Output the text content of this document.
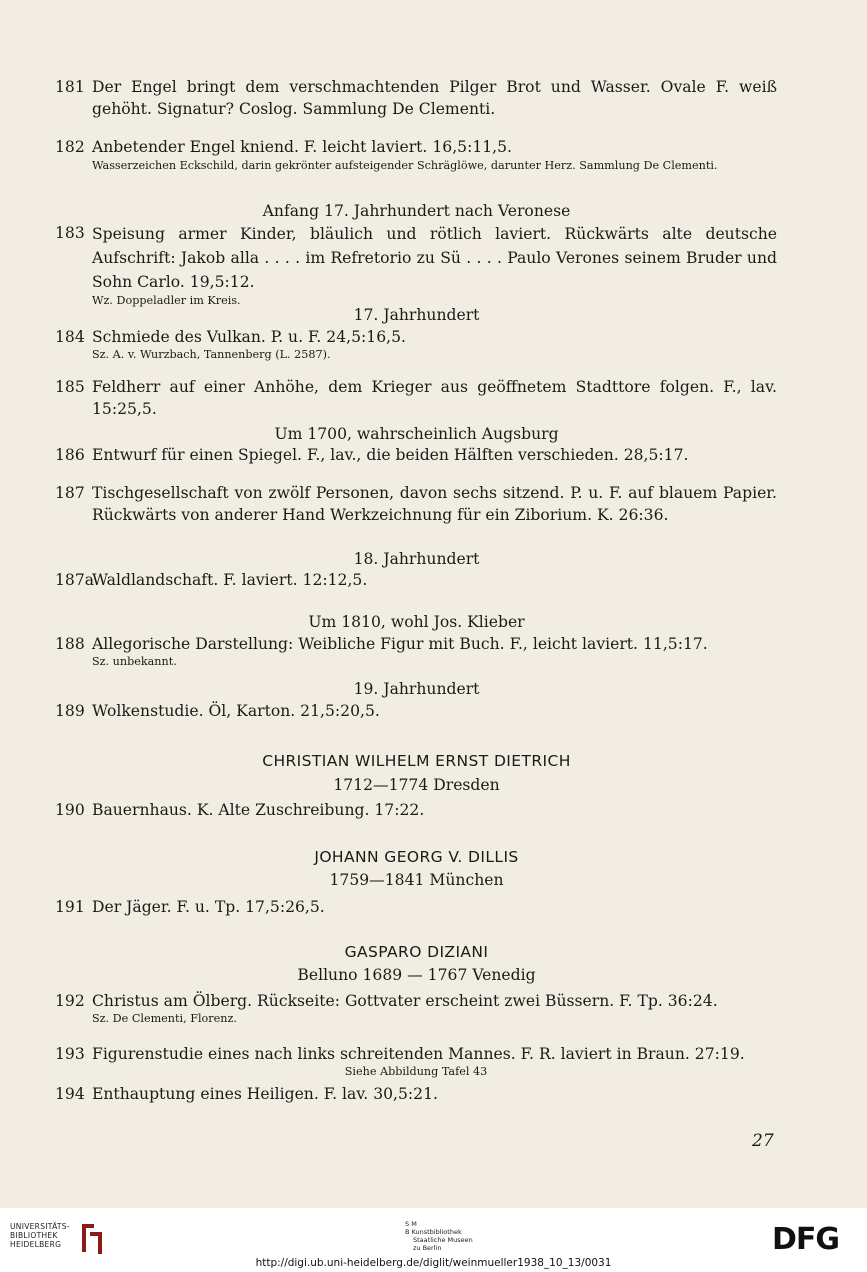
181 Der Engel bringt dem verschmachtenden Pilger Brot und Wasser. Ovale F. weiß gehöht. Signatur? Coslog. Sammlung De Clementi.
182 Anbetender Engel kniend. F. leicht laviert. 16,5:11,5.
Wasserzeichen Eckschild, darin gekrönter aufsteigender Schräglöwe, darunter Herz. Sammlung De Clementi.
Anfang 17. Jahrhundert nach Veronese
183 Speisung armer Kinder, bläulich und rötlich laviert. Rückwärts alte deutsche Aufschrift: Jakob alla . . . . im Refretorio zu Sü . . . . Paulo Verones seinem Bruder und Sohn Carlo. 19,5:12.
Wz. Doppeladler im Kreis.
17. Jahrhundert
184 Schmiede des Vulkan. P. u. F. 24,5:16,5.
Sz. A. v. Wurzbach, Tannenberg (L. 2587).
185 Feldherr auf einer Anhöhe, dem Krieger aus geöffnetem Stadttore folgen. F., lav. 15:25,5.
Um 1700, wahrscheinlich Augsburg
186 Entwurf für einen Spiegel. F., lav., die beiden Hälften verschieden. 28,5:17.
187 Tischgesellschaft von zwölf Personen, davon sechs sitzend. P. u. F. auf blauem Papier. Rückwärts von anderer Hand Werkzeichnung für ein Ziborium. K. 26:36.
18. Jahrhundert
187a
Waldlandschaft. F. laviert. 12:12,5.
Um 1810, wohl Jos. Klieber
188 Allegorische Darstellung: Weibliche Figur mit Buch. F., leicht laviert. 11,5:17.
Sz. unbekannt.
19. Jahrhundert
189 Wolkenstudie. Öl, Karton. 21,5:20,5.
CHRISTIAN WILHELM ERNST DIETRICH
1712—1774 Dresden
190 Bauernhaus. K. Alte Zuschreibung. 17:22.
JOHANN GEORG V. DILLIS
1759—1841 München
191 Der Jäger. F. u. Tp. 17,5:26,5.
GASPARO DIZIANI
Belluno 1689 — 1767 Venedig
192 Christus am Ölberg. Rückseite: Gottvater erscheint zwei Büssern. F. Tp. 36:24.
Sz. De Clementi, Florenz.
193 Figurenstudie eines nach links schreitenden Mannes. F. R. laviert in Braun. 27:19.
Siehe Abbildung Tafel 43
194 Enthauptung eines Heiligen. F. lav. 30,5:21.
27
UNIVERSITÄTS-
BIBLIOTHEK
HEIDELBERG
S M
B Kunstbibliothek
Staatliche Museen
zu Berlin	DFG
http://digi.ub.uni-heidelberg.de/diglit/weinmueller1938_10_13/0031
